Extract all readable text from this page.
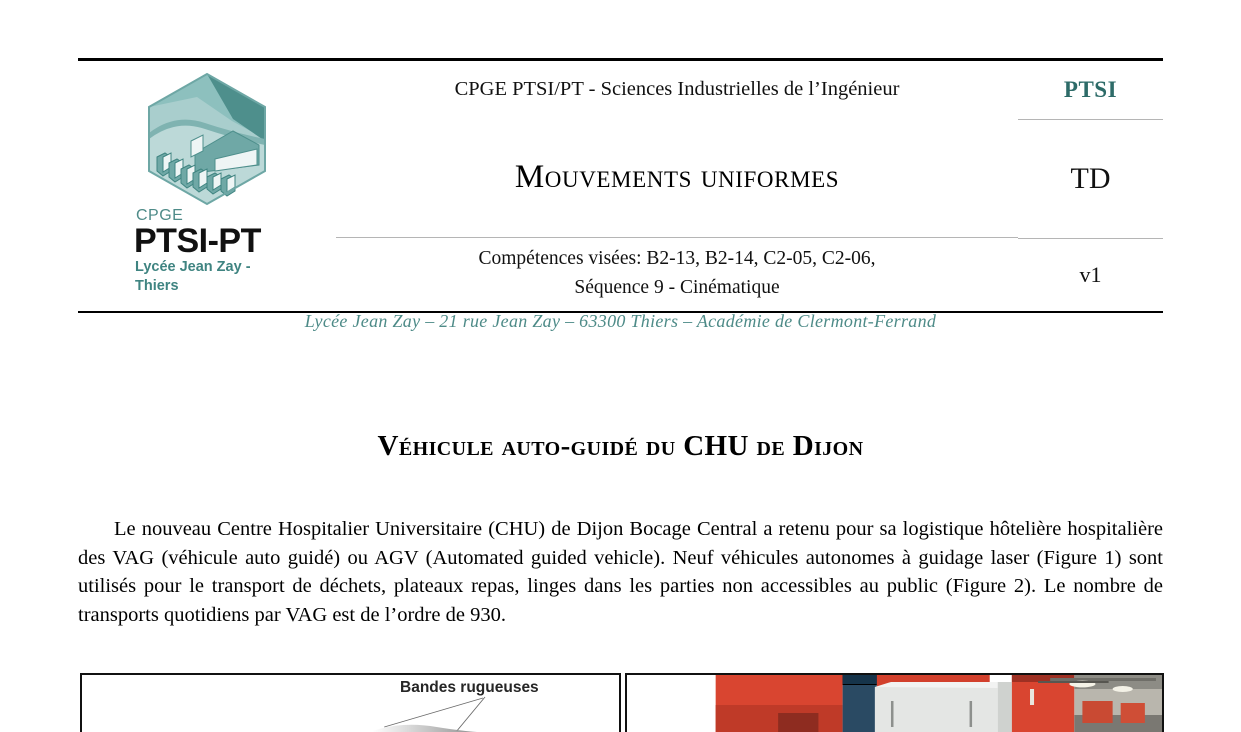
CPGE
PTSI-PT
Lycée Jean Zay - Thiers
CPGE PTSI/PT - Sciences Industrielles de l’Ingénieur
Mouvements uniformes
Compétences visées: B2-13, B2-14, C2-05, C2-06,
Séquence 9 - Cinématique
PTSI
TD
v1
Lycée Jean Zay – 21 rue Jean Zay – 63300 Thiers – Académie de Clermont-Ferrand
Véhicule auto-guidé du CHU de Dijon
Le nouveau Centre Hospitalier Universitaire (CHU) de Dijon Bocage Central a retenu pour sa logistique hôtelière hospitalière des VAG (véhicule auto guidé) ou AGV (Automated guided vehicle). Neuf véhicules autonomes à guidage laser (Figure 1) sont utilisés pour le transport de déchets, plateaux repas, linges dans les parties non accessibles au public (Figure 2). Le nombre de transports quotidiens par VAG est de l’ordre de 930.
Bandes rugueuses
